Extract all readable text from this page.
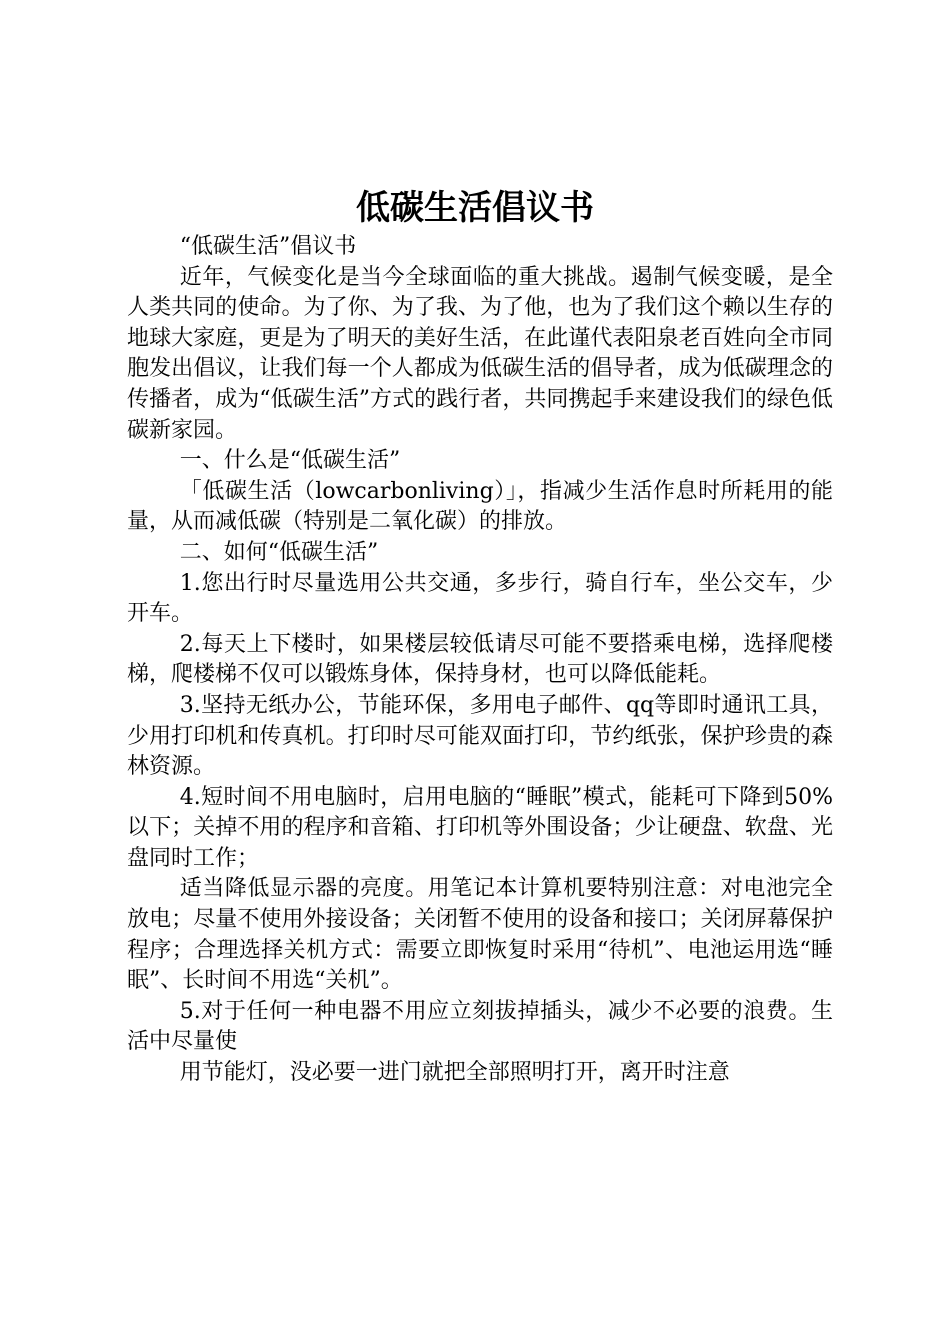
低碳生活倡议书

“低碳生活”倡议书

近年，气候变化是当今全球面临的重大挑战。遏制气候变暖，是全人类共同的使命。为了你、为了我、为了他，也为了我们这个赖以生存的地球大家庭，更是为了明天的美好生活，在此谨代表阳泉老百姓向全市同胞发出倡议，让我们每一个人都成为低碳生活的倡导者，成为低碳理念的传播者，成为“低碳生活”方式的践行者，共同携起手来建设我们的绿色低碳新家园。

一、什么是“低碳生活”

「低碳生活（lowcarbonliving）」，指减少生活作息时所耗用的能量，从而减低碳（特别是二氧化碳）的排放。

二、如何“低碳生活”

1.您出行时尽量选用公共交通，多步行，骑自行车，坐公交车，少开车。

2.每天上下楼时，如果楼层较低请尽可能不要搭乘电梯，选择爬楼梯，爬楼梯不仅可以锻炼身体，保持身材，也可以降低能耗。

3.坚持无纸办公，节能环保，多用电子邮件、qq等即时通讯工具，少用打印机和传真机。打印时尽可能双面打印，节约纸张，保护珍贵的森林资源。

4.短时间不用电脑时，启用电脑的“睡眠”模式，能耗可下降到50%以下；关掉不用的程序和音箱、打印机等外围设备；少让硬盘、软盘、光盘同时工作；

适当降低显示器的亮度。用笔记本计算机要特别注意：对电池完全放电；尽量不使用外接设备；关闭暂不使用的设备和接口；关闭屏幕保护程序；合理选择关机方式：需要立即恢复时采用“待机”、电池运用选“睡眠”、长时间不用选“关机”。

5.对于任何一种电器不用应立刻拔掉插头，减少不必要的浪费。生活中尽量使

用节能灯，没必要一进门就把全部照明打开，离开时注意
